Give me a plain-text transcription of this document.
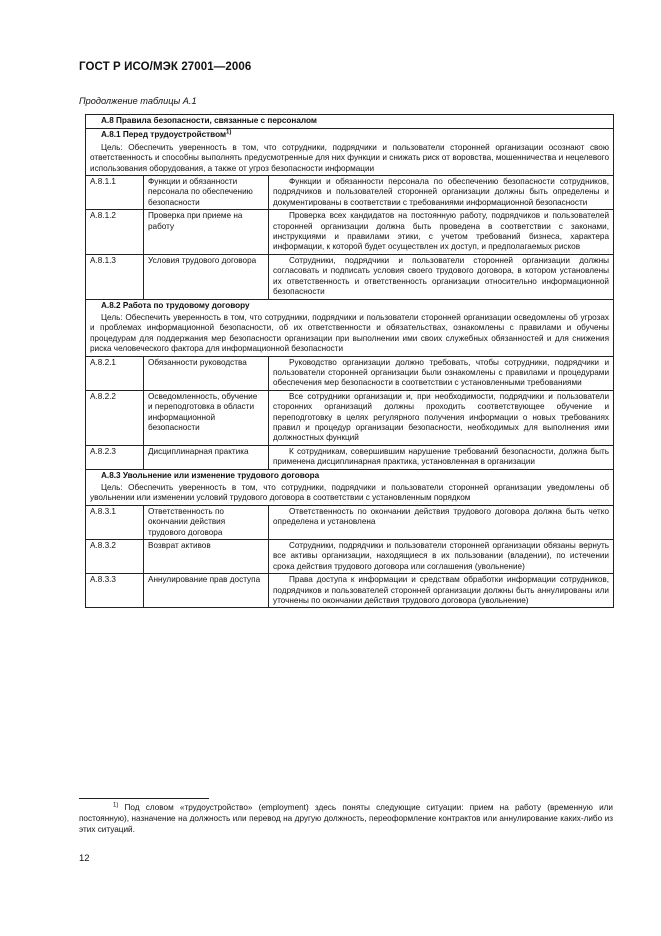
ГОСТ Р ИСО/МЭК 27001—2006
Продолжение таблицы А.1
А.8 Правила безопасности, связанные с персоналом		

А.8.1 Перед трудоустройством$^{1)}$
Цель: Обеспечить уверенность в том, что сотрудники, подрядчики и пользователи сторонней организации осознают свою ответственность и способны выполнять предусмотренные для них функции и снижать риск от воровства, мошенничества и нецелевого использования оборудования, а также от угроз безопасности информации		

А.8.1.1	Функции и обязанности персонала по обеспечению безопасности	Функции и обязанности персонала по обеспечению безопасности сотрудников, подрядчиков и пользователей сторонней организации должны быть определены и документированы в соответствии с требованиями информационной безопасности
А.8.1.2	Проверка при приеме на работу	Проверка всех кандидатов на постоянную работу, подрядчиков и пользователей сторонней организации должна быть проведена в соответствии с законами, инструкциями и правилами этики, с учетом требований бизнеса, характера информации, к которой будет осуществлен их доступ, и предполагаемых рисков
А.8.1.3	Условия трудового договора	Сотрудники, подрядчики и пользователи сторонней организации должны согласовать и подписать условия своего трудового договора, в котором установлены их ответственность и ответственность организации относительно информационной безопасности

А.8.2 Работа по трудовому договору
Цель: Обеспечить уверенность в том, что сотрудники, подрядчики и пользователи сторонней организации осведомлены об угрозах и проблемах информационной безопасности, об их ответственности и обязательствах, ознакомлены с правилами и обучены процедурам для поддержания мер безопасности организации при выполнении ими своих служебных обязанностей и для снижения риска человеческого фактора для информационной безопасности		

А.8.2.1	Обязанности руководства	Руководство организации должно требовать, чтобы сотрудники, подрядчики и пользователи сторонней организации были ознакомлены с правилами и процедурами обеспечения мер безопасности в соответствии с установленными требованиями
А.8.2.2	Осведомленность, обучение и переподготовка в области информационной безопасности	Все сотрудники организации и, при необходимости, подрядчики и пользователи сторонних организаций должны проходить соответствующее обучение и переподготовку в целях регулярного получения информации о новых требованиях правил и процедур организации безопасности, необходимых для выполнения ими должностных функций
А.8.2.3	Дисциплинарная практика	К сотрудникам, совершившим нарушение требований безопасности, должна быть применена дисциплинарная практика, установленная в организации

А.8.3 Увольнение или изменение трудового договора
Цель: Обеспечить уверенность в том, что сотрудники, подрядчики и пользователи сторонней организации уведомлены об увольнении или изменении условий трудового договора в соответствии с установленным порядком		

А.8.3.1	Ответственность по окончании действия трудового договора	Ответственность по окончании действия трудового договора должна быть четко определена и установлена
А.8.3.2	Возврат активов	Сотрудники, подрядчики и пользователи сторонней организации обязаны вернуть все активы организации, находящиеся в их пользовании (владении), по истечении срока действия трудового договора или соглашения (увольнение)
А.8.3.3	Аннулирование прав доступа	Права доступа к информации и средствам обработки информации сотрудников, подрядчиков и пользователей сторонней организации должны быть аннулированы или уточнены по окончании действия трудового договора (увольнение)
$^{1)}$ Под словом «трудоустройство» (employment) здесь поняты следующие ситуации: прием на работу (временную или постоянную), назначение на должность или перевод на другую должность, переоформление контрактов или аннулирование каких-либо из этих ситуаций.
12
